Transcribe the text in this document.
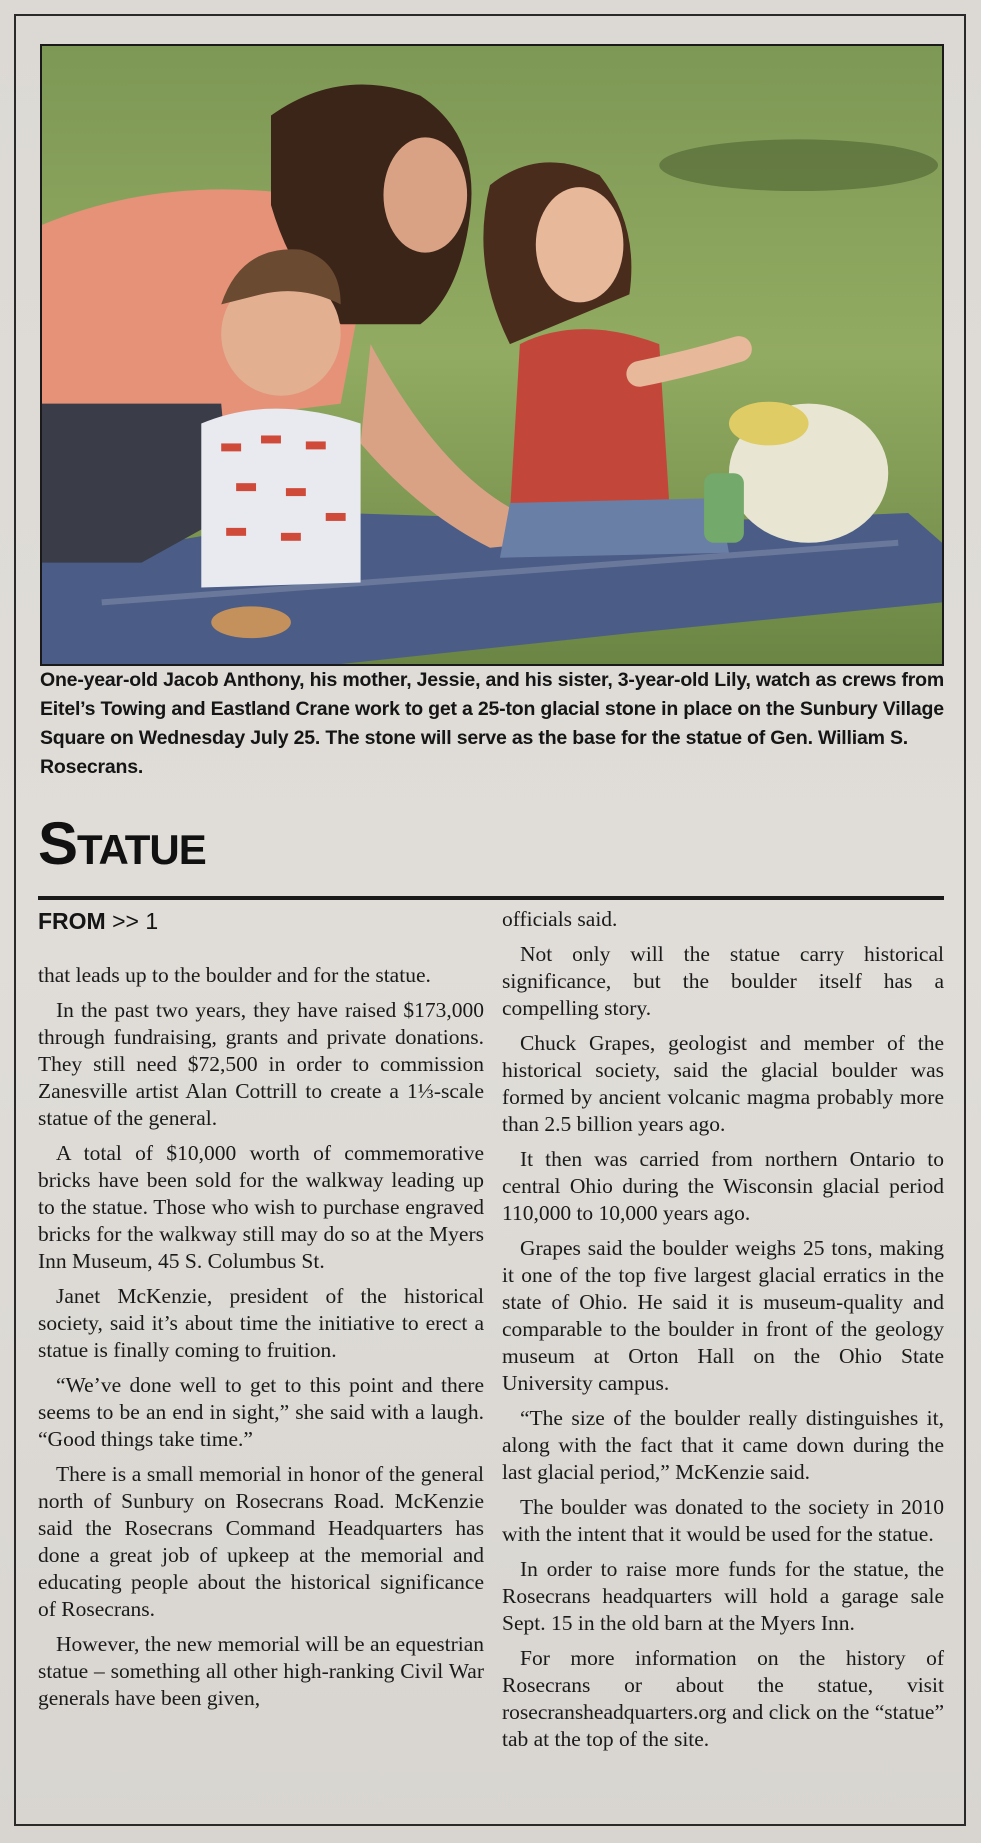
One-year-old Jacob Anthony, his mother, Jessie, and his sister, 3-year-old Lily, watch as crews from Eitel’s Towing and Eastland Crane work to get a 25-ton glacial stone in place on the Sunbury Village Square on Wednesday July 25. The stone will serve as the base for the statue of Gen. William S. Rosecrans.
Statue
FROM >> 1

that leads up to the boulder and for the statue.

In the past two years, they have raised $173,000 through fundraising, grants and private donations. They still need $72,500 in order to commission Zanesville artist Alan Cottrill to create a 1⅓-scale statue of the general.

A total of $10,000 worth of commemorative bricks have been sold for the walkway leading up to the statue. Those who wish to purchase engraved bricks for the walkway still may do so at the Myers Inn Museum, 45 S. Columbus St.

Janet McKenzie, president of the historical society, said it’s about time the initiative to erect a statue is finally coming to fruition.

“We’ve done well to get to this point and there seems to be an end in sight,” she said with a laugh. “Good things take time.”

There is a small memorial in honor of the general north of Sunbury on Rosecrans Road. McKenzie said the Rosecrans Command Headquarters has done a great job of upkeep at the memorial and educating people about the historical significance of Rosecrans.

However, the new memorial will be an equestrian statue – something all other high-ranking Civil War generals have been given,

officials said.

Not only will the statue carry historical significance, but the boulder itself has a compelling story.

Chuck Grapes, geologist and member of the historical society, said the glacial boulder was formed by ancient volcanic magma probably more than 2.5 billion years ago.

It then was carried from northern Ontario to central Ohio during the Wisconsin glacial period 110,000 to 10,000 years ago.

Grapes said the boulder weighs 25 tons, making it one of the top five largest glacial erratics in the state of Ohio. He said it is museum-quality and comparable to the boulder in front of the geology museum at Orton Hall on the Ohio State University campus.

“The size of the boulder really distinguishes it, along with the fact that it came down during the last glacial period,” McKenzie said.

The boulder was donated to the society in 2010 with the intent that it would be used for the statue.

In order to raise more funds for the statue, the Rosecrans headquarters will hold a garage sale Sept. 15 in the old barn at the Myers Inn.

For more information on the history of Rosecrans or about the statue, visit rosecransheadquarters.org and click on the “statue” tab at the top of the site.
